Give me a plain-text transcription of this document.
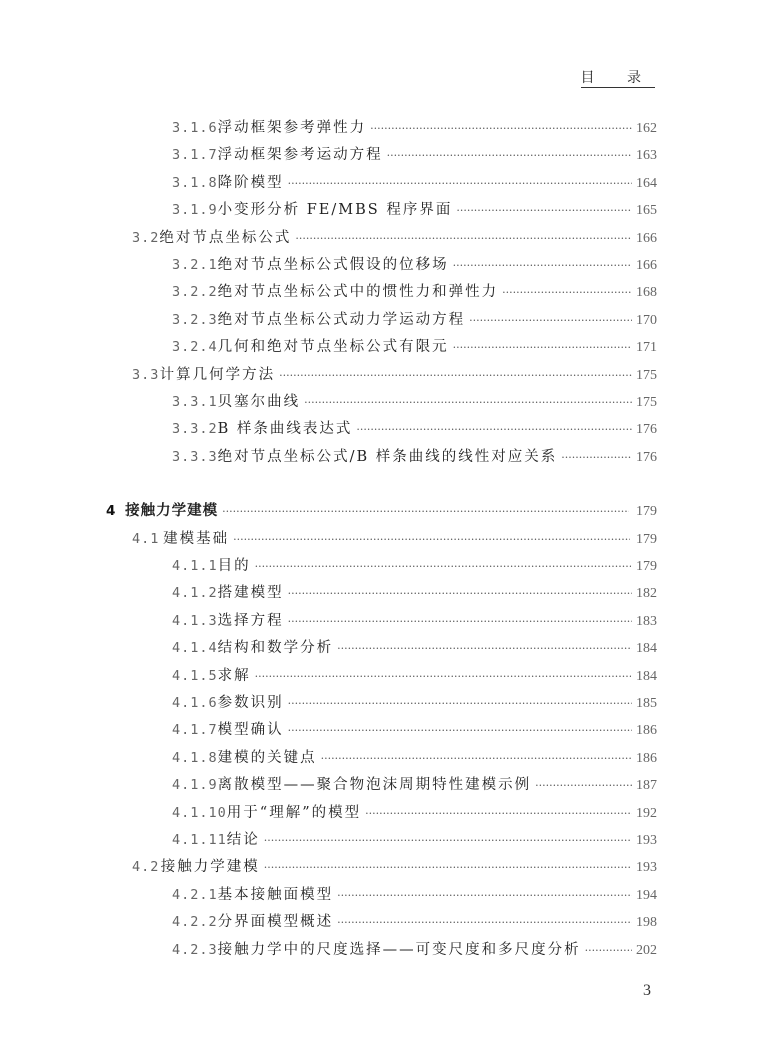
目 录
3.1.6 浮动框架参考弹性力 ·····	162
3.1.7 浮动框架参考运动方程 ·····	163
3.1.8 降阶模型 ·····	164
3.1.9 小变形分析 FE/MBS 程序界面 ·····	165
3.2 绝对节点坐标公式 ·····	166
3.2.1 绝对节点坐标公式假设的位移场 ·····	166
3.2.2 绝对节点坐标公式中的惯性力和弹性力 ·····	168
3.2.3 绝对节点坐标公式动力学运动方程 ·····	170
3.2.4 几何和绝对节点坐标公式有限元 ·····	171
3.3 计算几何学方法 ·····	175
3.3.1 贝塞尔曲线 ·····	175
3.3.2 B 样条曲线表达式 ·····	176
3.3.3 绝对节点坐标公式/B 样条曲线的线性对应关系 ·····	176
4 接触力学建模 ·····	179
4.1 建模基础 ·····	179
4.1.1 目的 ·····	179
4.1.2 搭建模型 ·····	182
4.1.3 选择方程 ·····	183
4.1.4 结构和数学分析 ·····	184
4.1.5 求解 ·····	184
4.1.6 参数识别 ·····	185
4.1.7 模型确认 ·····	186
4.1.8 建模的关键点 ·····	186
4.1.9 离散模型——聚合物泡沫周期特性建模示例 ·····	187
4.1.10 用于“理解”的模型 ·····	192
4.1.11 结论 ·····	193
4.2 接触力学建模 ·····	193
4.2.1 基本接触面模型 ·····	194
4.2.2 分界面模型概述 ·····	198
4.2.3 接触力学中的尺度选择——可变尺度和多尺度分析 ·····	202
3
